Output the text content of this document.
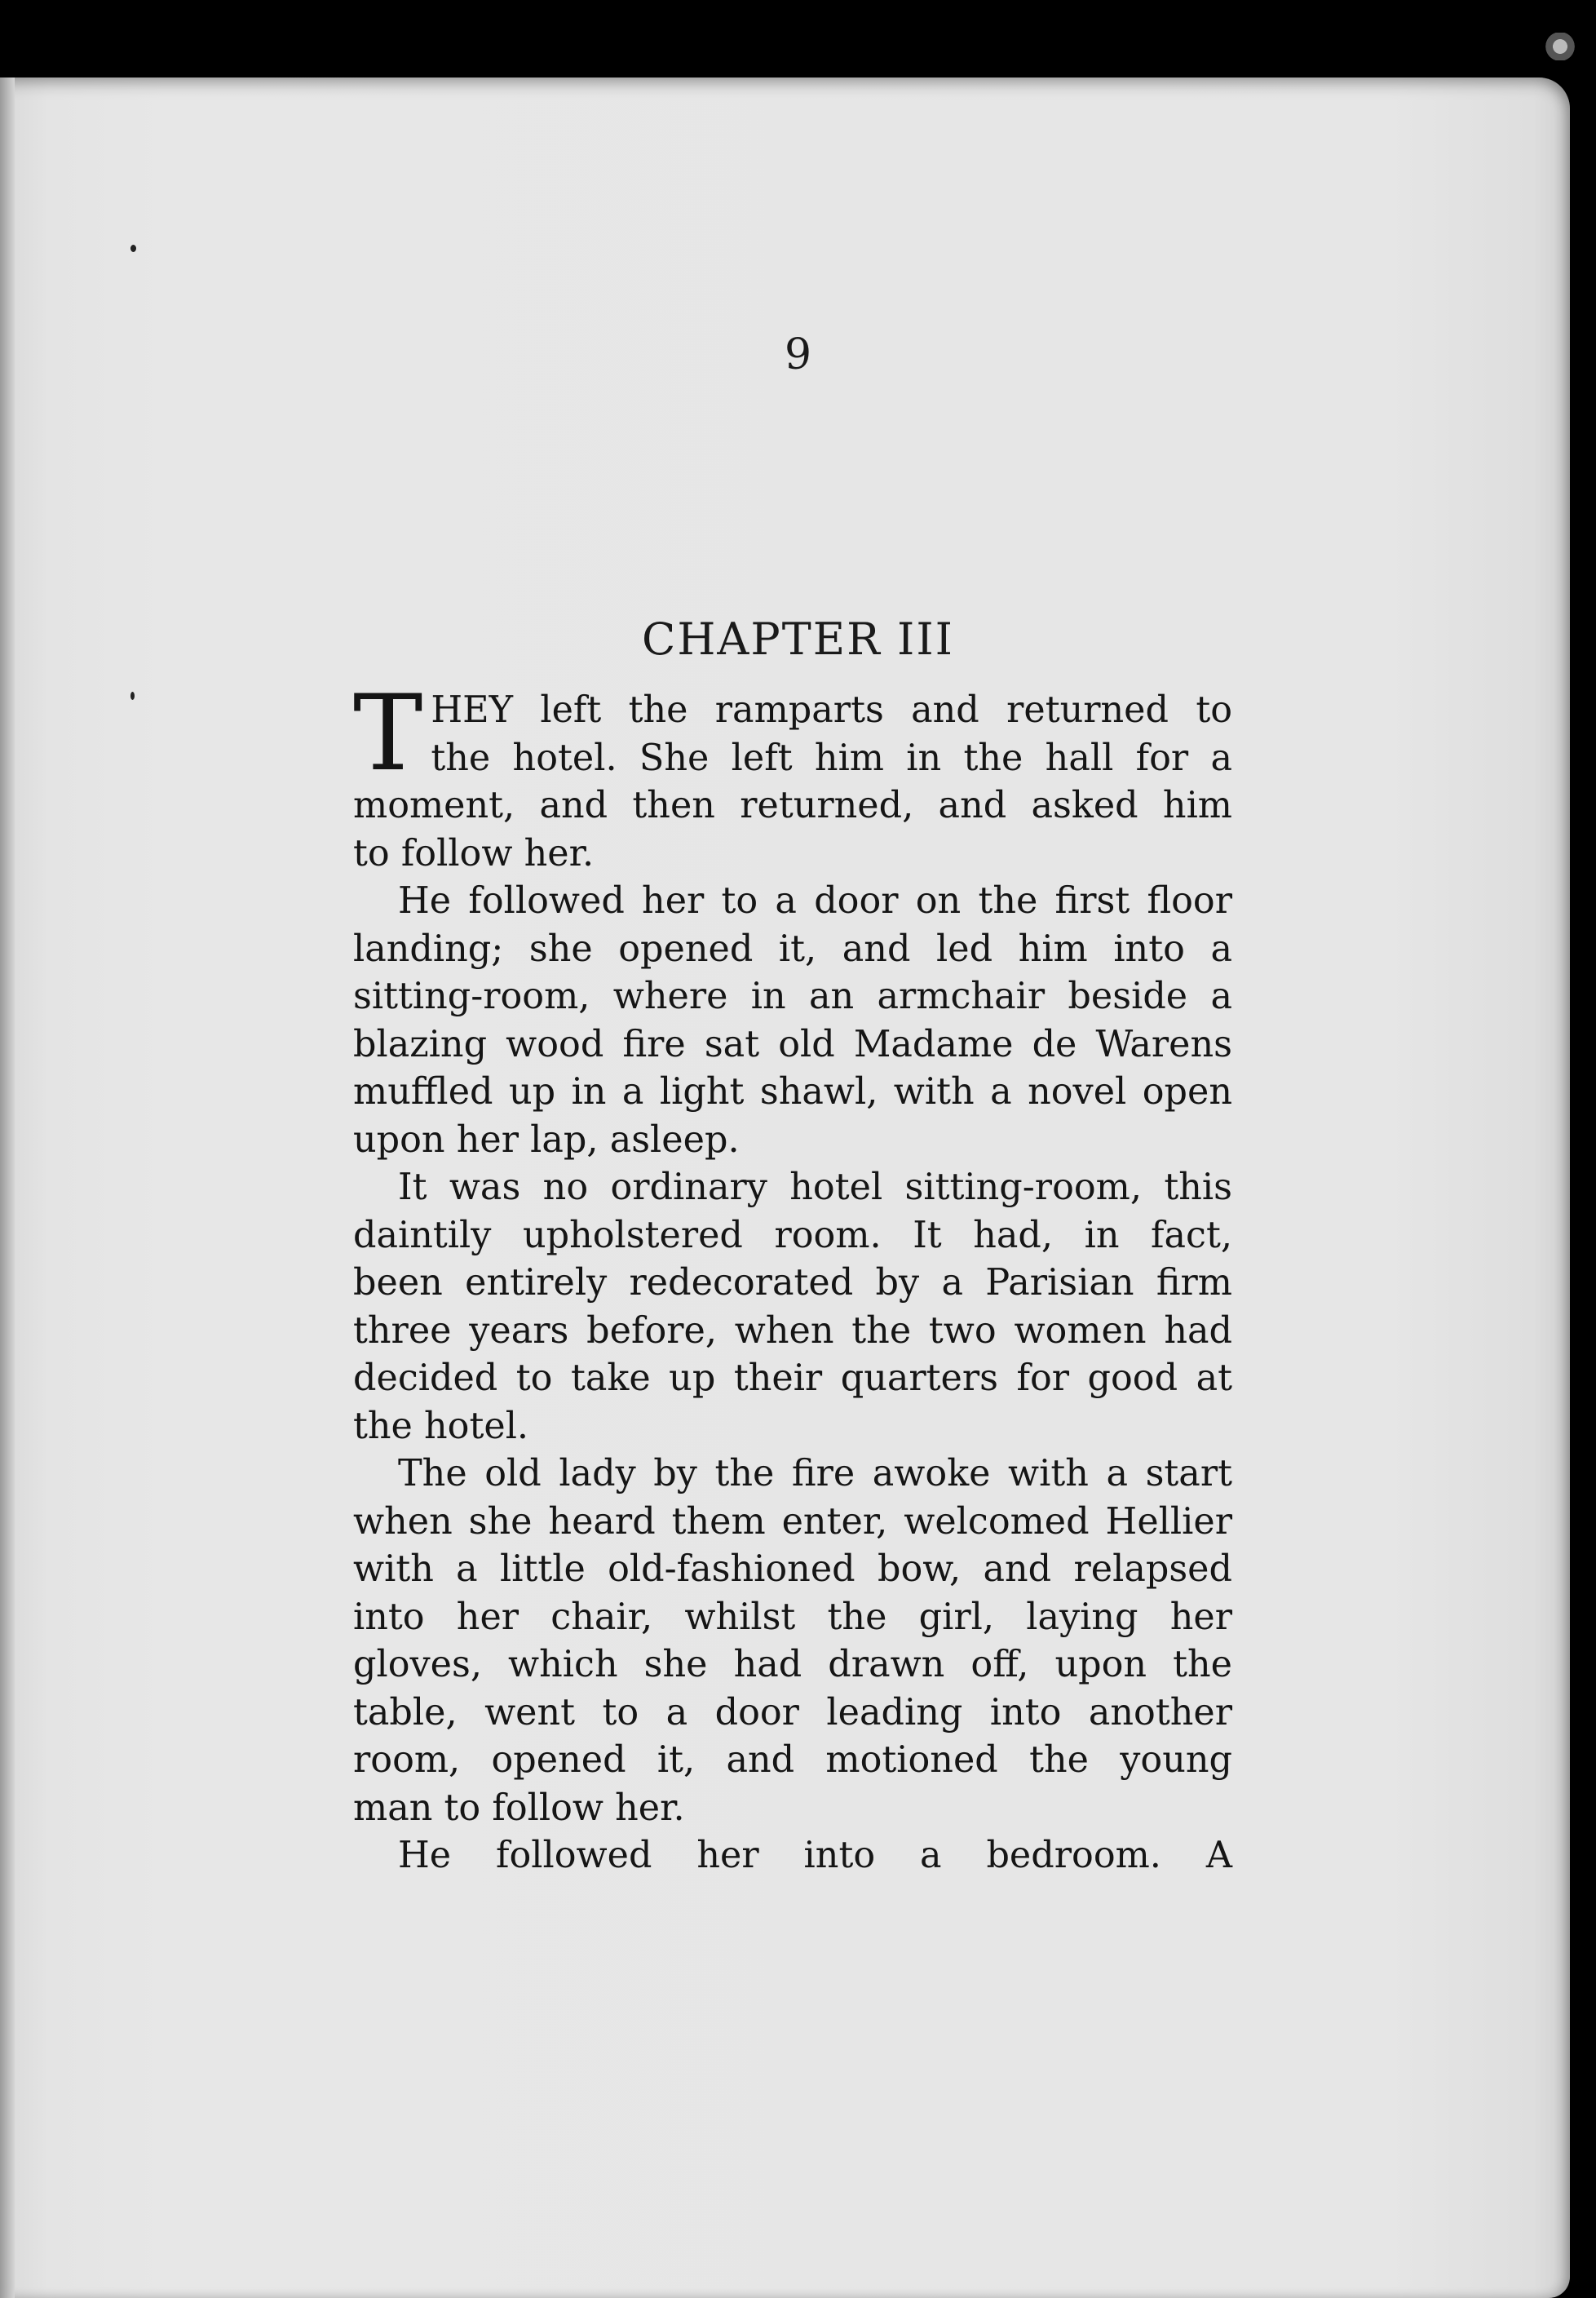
9
CHAPTER III
T HEY left the ramparts and returned to
the hotel. She left him in the hall for a
moment, and then returned, and asked him
to follow her.
He followed her to a door on the first floor
landing; she opened it, and led him into a
sitting-room, where in an armchair beside a
blazing wood fire sat old Madame de Warens
muffled up in a light shawl, with a novel open
upon her lap, asleep.
It was no ordinary hotel sitting-room, this
daintily upholstered room. It had, in fact,
been entirely redecorated by a Parisian firm
three years before, when the two women had
decided to take up their quarters for good at
the hotel.
The old lady by the fire awoke with a start
when she heard them enter, welcomed Hellier
with a little old-fashioned bow, and relapsed
into her chair, whilst the girl, laying her
gloves, which she had drawn off, upon the
table, went to a door leading into another
room, opened it, and motioned the young
man to follow her.
He followed her into a bedroom. A
